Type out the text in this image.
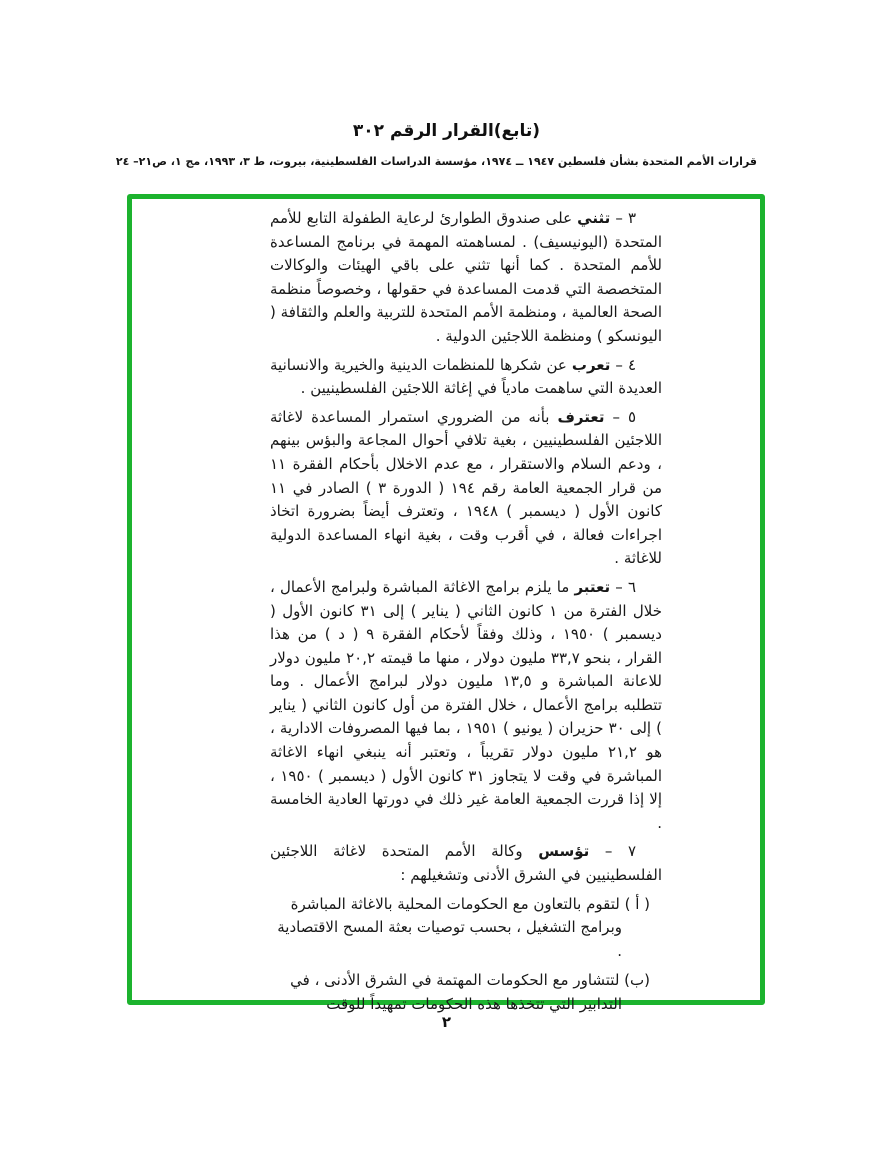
(تابع)القرار الرقم ٣٠٢
قرارات الأمم المتحدة بشأن فلسطين ١٩٤٧ ــ ١٩٧٤، مؤسسة الدراسات الفلسطينية، بيروت، ط ٣، ١٩٩٣، مج ١، ص٢١– ٢٤

٣ – تثني على صندوق الطوارئ لرعاية الطفولة التابع للأمم المتحدة (اليونيسيف) . لمساهمته المهمة في برنامج المساعدة للأمم المتحدة . كما أنها تثني على باقي الهيئات والوكالات المتخصصة التي قدمت المساعدة في حقولها ، وخصوصاً منظمة الصحة العالمية ، ومنظمة الأمم المتحدة للتربية والعلم والثقافة ( اليونسكو ) ومنظمة اللاجئين الدولية .

٤ – تعرب عن شكرها للمنظمات الدينية والخيرية والانسانية العديدة التي ساهمت مادياً في إغاثة اللاجئين الفلسطينيين .

٥ – تعترف بأنه من الضروري استمرار المساعدة لاغاثة اللاجئين الفلسطينيين ، بغية تلافي أحوال المجاعة والبؤس بينهم ، ودعم السلام والاستقرار ، مع عدم الاخلال بأحكام الفقرة ١١ من قرار الجمعية العامة رقم ١٩٤ ( الدورة ٣ ) الصادر في ١١ كانون الأول ( ديسمبر ) ١٩٤٨ ، وتعترف أيضاً بضرورة اتخاذ اجراءات فعالة ، في أقرب وقت ، بغية انهاء المساعدة الدولية للاغاثة .

٦ – تعتبر ما يلزم برامج الاغاثة المباشرة ولبرامج الأعمال ، خلال الفترة من ١ كانون الثاني ( يناير ) إلى ٣١ كانون الأول ( ديسمبر ) ١٩٥٠ ، وذلك وفقاً لأحكام الفقرة ٩ ( د ) من هذا القرار ، بنحو ٣٣,٧ مليون دولار ، منها ما قيمته ٢٠,٢ مليون دولار للاعانة المباشرة و ١٣,٥ مليون دولار لبرامج الأعمال . وما تتطلبه برامج الأعمال ، خلال الفترة من أول كانون الثاني ( يناير ) إلى ٣٠ حزيران ( يونيو ) ١٩٥١ ، بما فيها المصروفات الادارية ، هو ٢١,٢ مليون دولار تقريباً ، وتعتبر أنه ينبغي انهاء الاغاثة المباشرة في وقت لا يتجاوز ٣١ كانون الأول ( ديسمبر ) ١٩٥٠ ، إلا إذا قررت الجمعية العامة غير ذلك في دورتها العادية الخامسة .

٧ – تؤسس وكالة الأمم المتحدة لاغاثة اللاجئين الفلسطينيين في الشرق الأدنى وتشغيلهم :

( أ ) لتقوم بالتعاون مع الحكومات المحلية بالاغاثة المباشرة وبرامج التشغيل ، بحسب توصيات بعثة المسح الاقتصادية .

(ب) لتتشاور مع الحكومات المهتمة في الشرق الأدنى ، في التدابير التي تتخذها هذه الحكومات تمهيداً للوقت

٢
